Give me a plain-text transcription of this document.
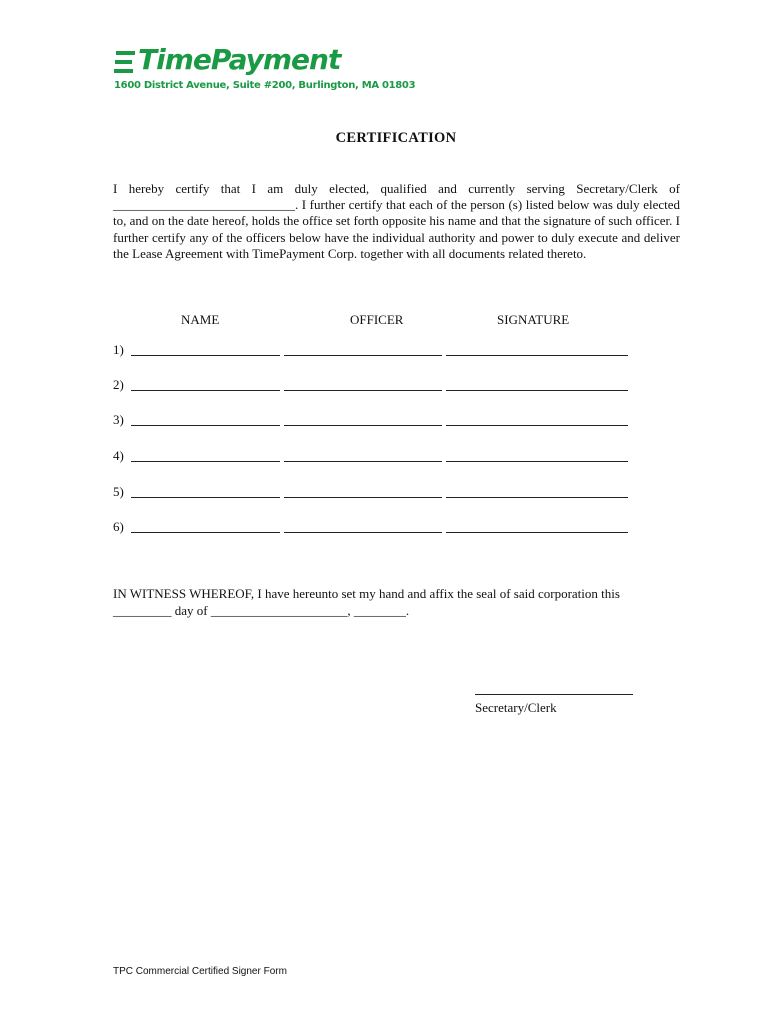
TimePayment
1600 District Avenue, Suite #200, Burlington, MA 01803
CERTIFICATION

I hereby certify that I am duly elected, qualified and currently serving Secretary/Clerk of ____________________________. I further certify that each of the person (s) listed below was duly elected to, and on the date hereof, holds the office set forth opposite his name and that the signature of such officer. I further certify any of the officers below have the individual authority and power to duly execute and deliver the Lease Agreement with TimePayment Corp. together with all documents related thereto.

NAME	OFFICER	SIGNATURE
1)
2)
3)
4)
5)
6)

IN WITNESS WHEREOF, I have hereunto set my hand and affix the seal of said corporation this
_________ day of _____________________, ________.

Secretary/Clerk
TPC Commercial Certified Signer Form
